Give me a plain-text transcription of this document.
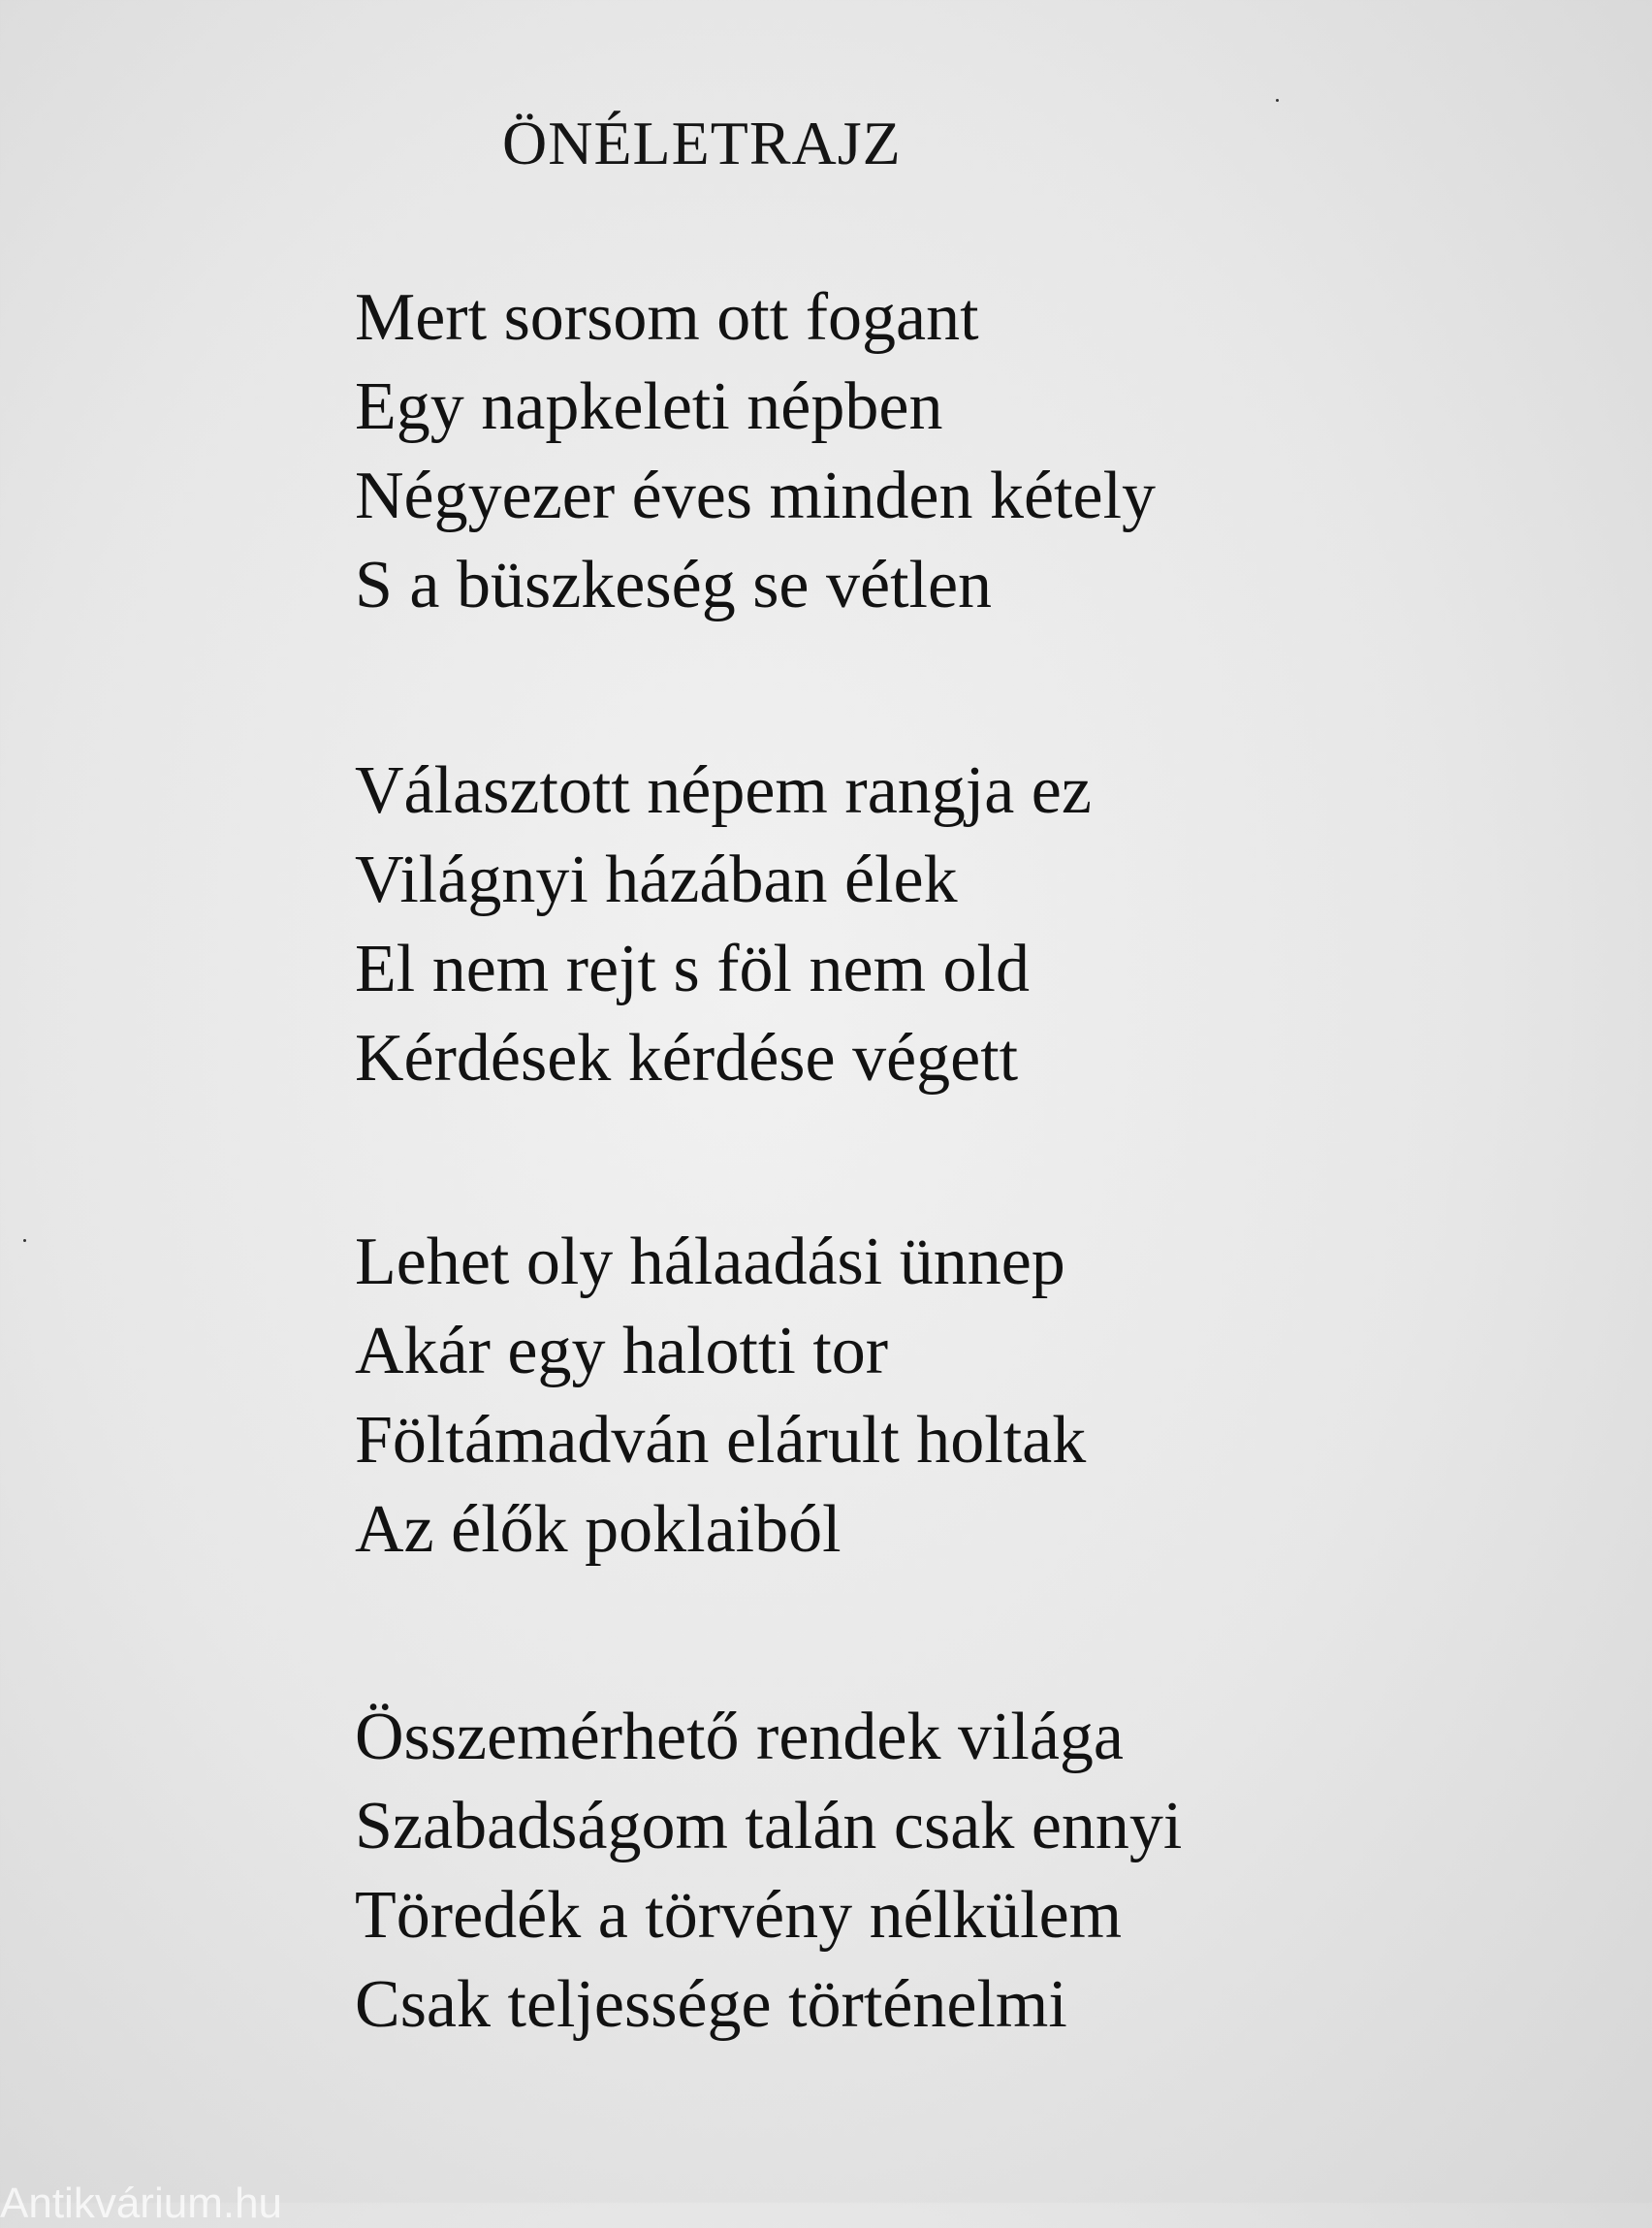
ÖNÉLETRAJZ
Mert sorsom ott fogant
Egy napkeleti népben
Négyezer éves minden kétely
S a büszkeség se vétlen
Választott népem rangja ez
Világnyi házában élek
El nem rejt s föl nem old
Kérdések kérdése végett
Lehet oly hálaadási ünnep
Akár egy halotti tor
Föltámadván elárult holtak
Az élők poklaiból
Összemérhető rendek világa
Szabadságom talán csak ennyi
Töredék a törvény nélkülem
Csak teljessége történelmi
Antikvárium.hu
